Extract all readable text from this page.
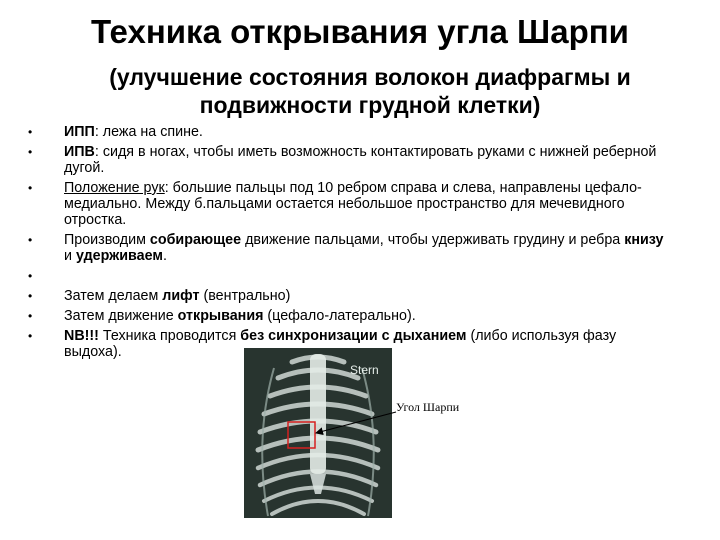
Техника открывания угла Шарпи
(улучшение состояния волокон диафрагмы и
подвижности грудной клетки)
• ИПП: лежа на спине.
• ИПВ: сидя в ногах, чтобы иметь возможность контактировать руками с нижней реберной дугой.
• Положение рук: большие пальцы под 10 ребром справа и слева, направлены цефало-медиально. Между б.пальцами остается небольшое пространство для мечевидного отростка.
• Производим собирающее движение пальцами, чтобы удерживать грудину и ребра книзу и удерживаем.
•
• Затем делаем лифт (вентрально)
• Затем движение открывания (цефало-латерально).
• NB!!! Техника проводится без синхронизации с дыханием (либо используя фазу выдоха).
Stern
Угол Шарпи
